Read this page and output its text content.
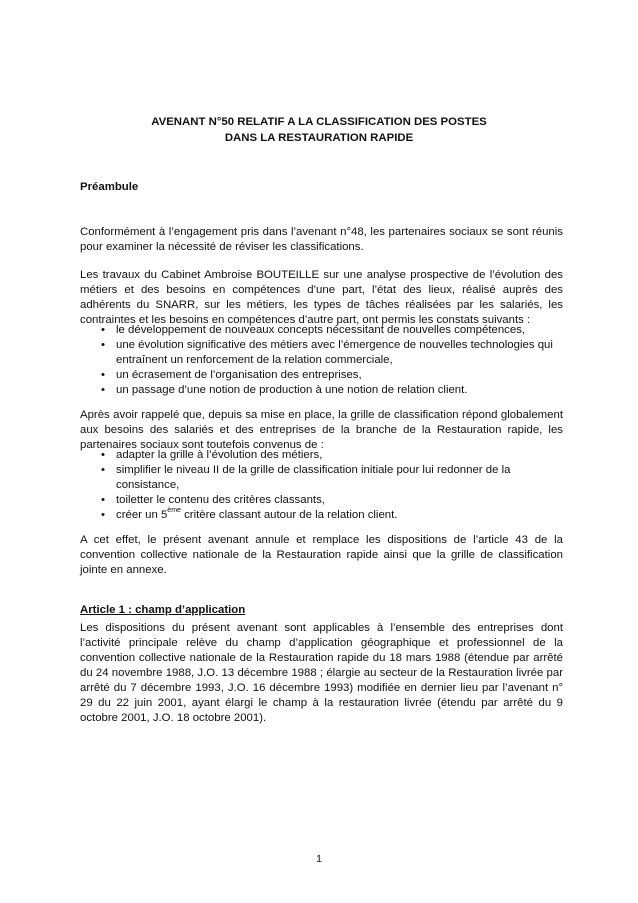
AVENANT N°50 RELATIF A LA CLASSIFICATION DES POSTES
DANS LA RESTAURATION RAPIDE
Préambule
Conformément à l’engagement pris dans l’avenant n°48, les partenaires sociaux se sont réunis pour examiner la nécessité de réviser les classifications.
Les travaux du Cabinet Ambroise BOUTEILLE sur une analyse prospective de l’évolution des métiers et des besoins en compétences d’une part, l’état des lieux, réalisé auprès des adhérents du SNARR, sur les métiers, les types de tâches réalisées par les salariés, les contraintes et les besoins en compétences d’autre part, ont permis les constats suivants :
• le développement de nouveaux concepts nécessitant de nouvelles compétences,
• une évolution significative des métiers avec l’émergence de nouvelles technologies qui entraînent un renforcement de la relation commerciale,
• un écrasement de l’organisation des entreprises,
• un passage d’une notion de production à une notion de relation client.
Après avoir rappelé que, depuis sa mise en place, la grille de classification répond globalement aux besoins des salariés et des entreprises de la branche de la Restauration rapide, les partenaires sociaux sont toutefois convenus de :
• adapter la grille à l’évolution des métiers,
• simplifier le niveau II de la grille de classification initiale pour lui redonner de la consistance,
• toiletter le contenu des critères classants,
• créer un 5ème critère classant autour de la relation client.
A cet effet, le présent avenant annule et remplace les dispositions de l’article 43 de la convention collective nationale de la Restauration rapide ainsi que la grille de classification jointe en annexe.
Article 1 : champ d’application
Les dispositions du présent avenant sont applicables à l’ensemble des entreprises dont l’activité principale relève du champ d’application géographique et professionnel de la convention collective nationale de la Restauration rapide du 18 mars 1988 (étendue par arrêté du 24 novembre 1988, J.O. 13 décembre 1988 ; élargie au secteur de la Restauration livrée par arrêté du 7 décembre 1993, J.O. 16 décembre 1993) modifiée en dernier lieu par l’avenant n° 29 du 22 juin 2001, ayant élargi le champ à la restauration livrée (étendu par arrêté du 9 octobre 2001, J.O. 18 octobre 2001).
1
